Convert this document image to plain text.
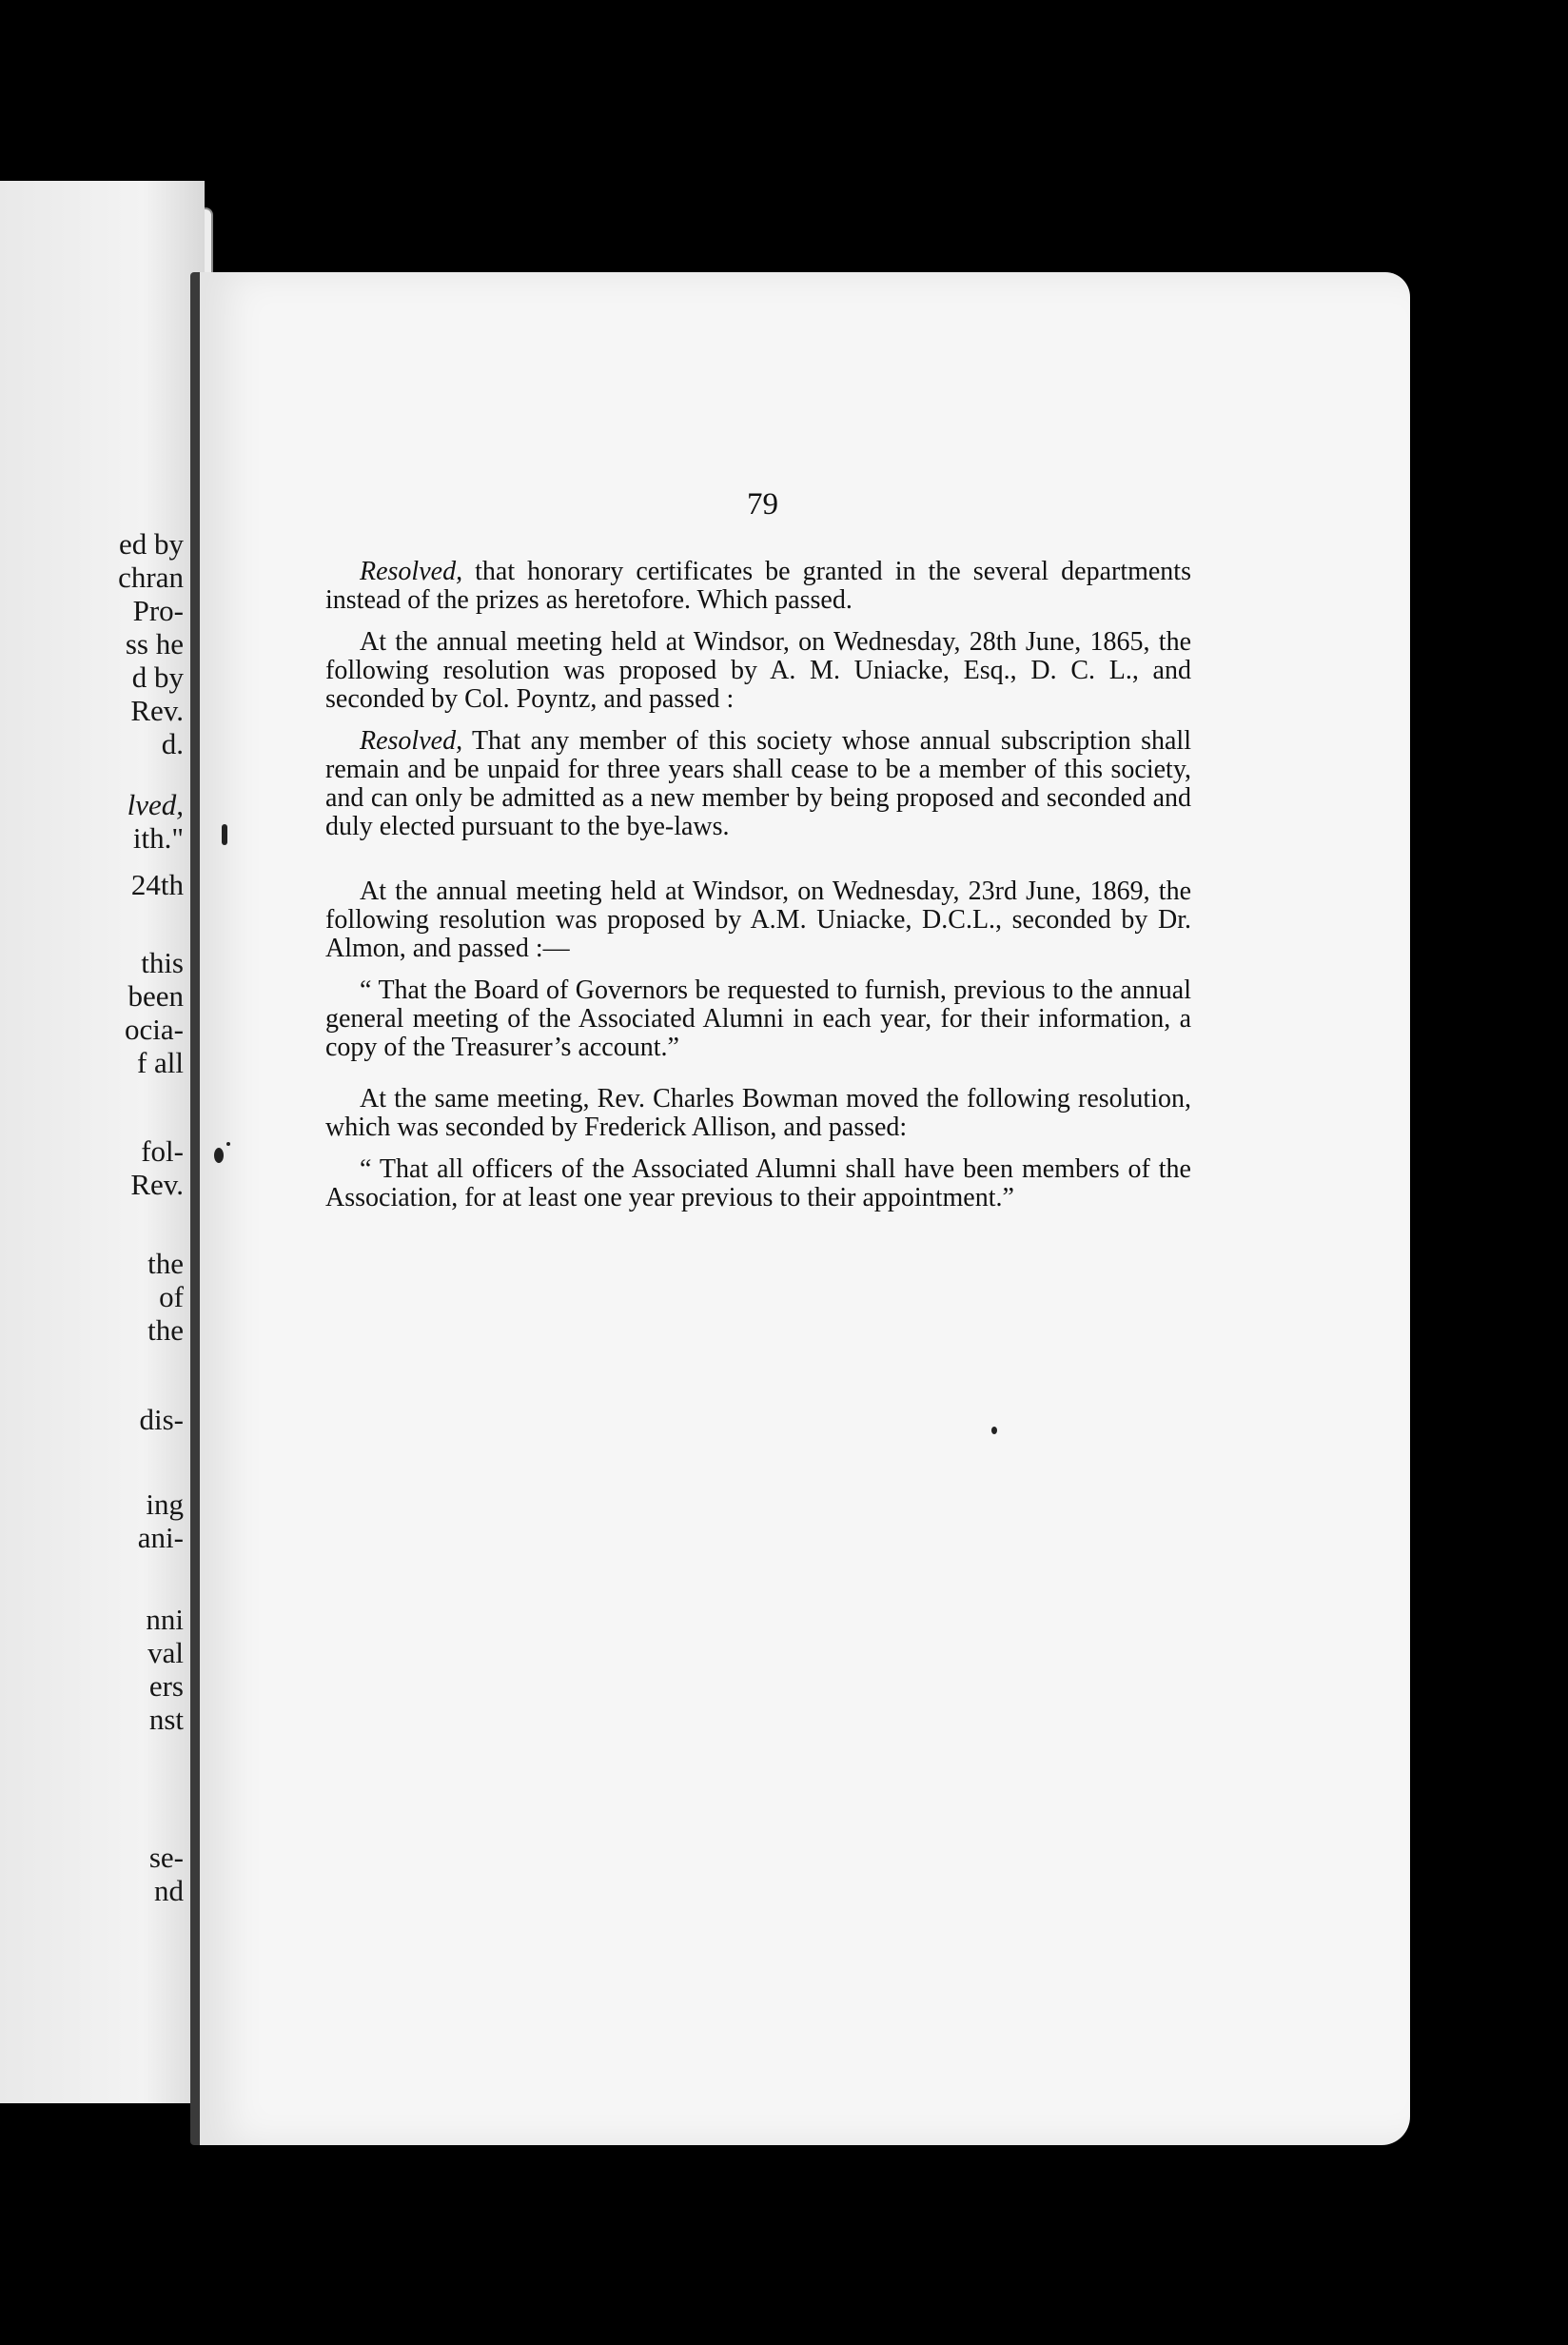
ed by
chran
Pro-
ss he
d by
Rev.
d.
lved,
ith."
24th
this
been
ocia-
f all
fol-
Rev.
the
of
the
dis-
ing
ani-
nni
val
ers
nst
se-
nd
79

Resolved, that honorary certificates be granted in the several departments instead of the prizes as heretofore. Which passed.

At the annual meeting held at Windsor, on Wednesday, 28th June, 1865, the following resolution was proposed by A. M. Uniacke, Esq., D. C. L., and seconded by Col. Poyntz, and passed :

Resolved, That any member of this society whose annual subscription shall remain and be unpaid for three years shall cease to be a member of this society, and can only be admitted as a new member by being proposed and seconded and duly elected pursuant to the bye-laws.

At the annual meeting held at Windsor, on Wednesday, 23rd June, 1869, the following resolution was proposed by A.M. Uniacke, D.C.L., seconded by Dr. Almon, and passed :—

“ That the Board of Governors be requested to furnish, previous to the annual general meeting of the Associated Alumni in each year, for their information, a copy of the Treasurer’s account.”

At the same meeting, Rev. Charles Bowman moved the following resolution, which was seconded by Frederick Allison, and passed:

“ That all officers of the Associated Alumni shall have been members of the Association, for at least one year previous to their appointment.”
